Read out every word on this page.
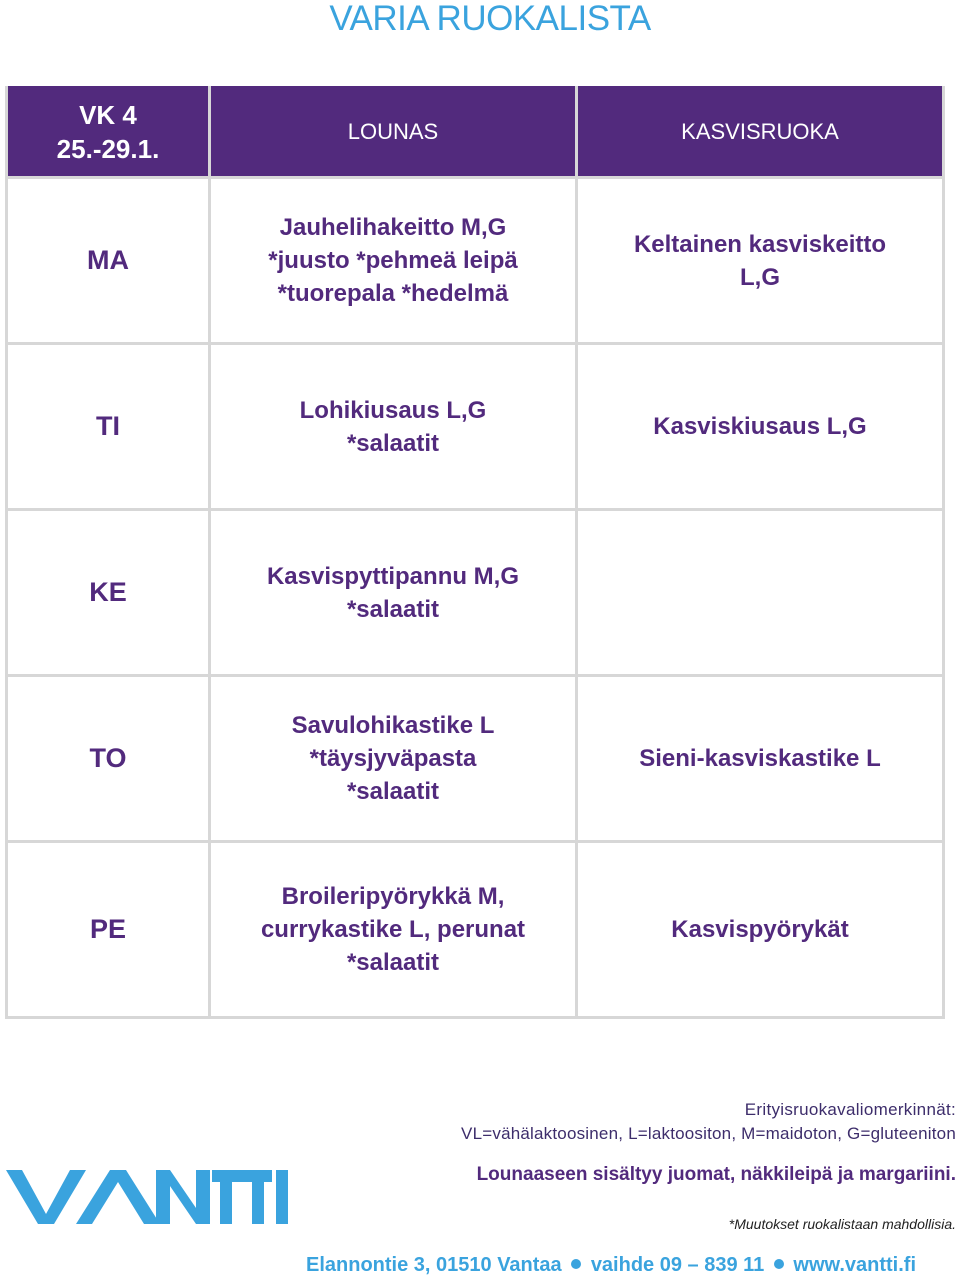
VARIA RUOKALISTA
VK 4
25.-29.1.	LOUNAS	KASVISRUOKA
MA	Jauhelihakeitto M,G
*juusto *pehmeä leipä
*tuorepala *hedelmä	Keltainen kasviskeitto
L,G

TI	Lohikiusaus L,G
*salaatit	Kasviskiusaus L,G

KE	Kasvispyttipannu M,G
*salaatit	

TO	Savulohikastike L
*täysjyväpasta
*salaatit	Sieni-kasviskastike L

PE	Broileripyörykkä M,
currykastike L, perunat
*salaatit	Kasvispyörykät
Erityisruokavaliomerkinnät:
VL=vähälaktoosinen, L=laktoositon, M=maidoton, G=gluteeniton
Lounaaseen sisältyy juomat, näkkileipä ja margariini.
*Muutokset ruokalistaan mahdollisia.
Elannontie 3, 01510 Vantaa vaihde 09 – 839 11 www.vantti.fi
